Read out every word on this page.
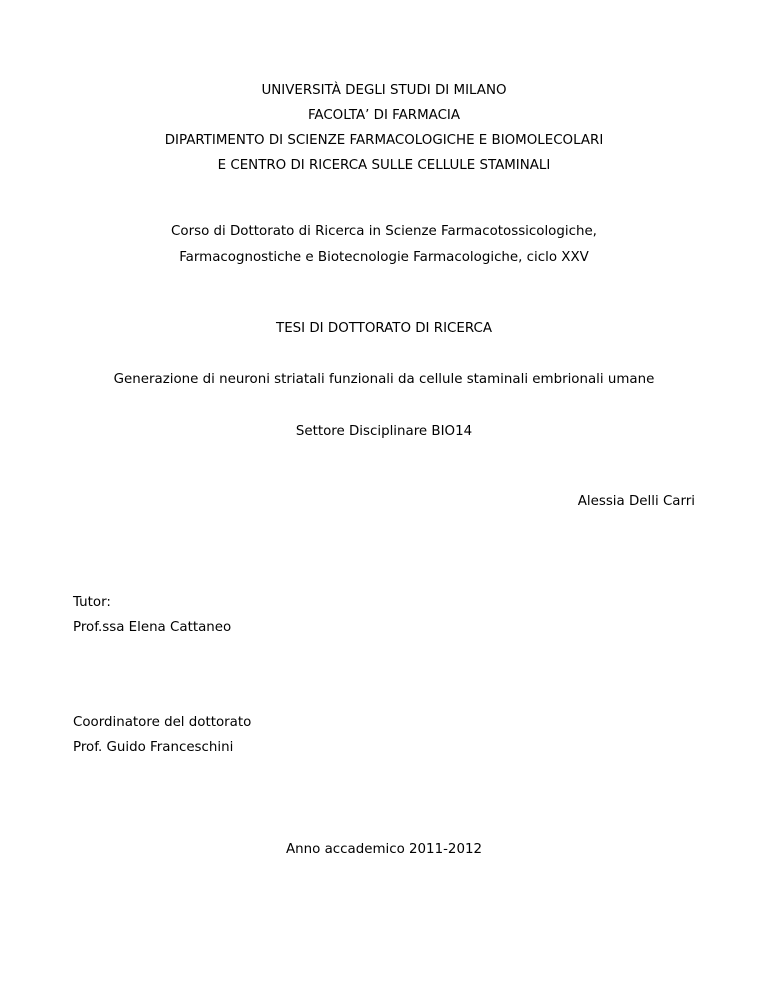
UNIVERSITÀ DEGLI STUDI DI MILANO
FACOLTA’ DI FARMACIA
DIPARTIMENTO DI SCIENZE FARMACOLOGICHE E BIOMOLECOLARI
E CENTRO DI RICERCA SULLE CELLULE STAMINALI
Corso di Dottorato di Ricerca in Scienze Farmacotossicologiche,
Farmacognostiche e Biotecnologie Farmacologiche, ciclo XXV
TESI DI DOTTORATO DI RICERCA
Generazione di neuroni striatali funzionali da cellule staminali embrionali umane
Settore Disciplinare BIO14
Alessia Delli Carri
Tutor:
Prof.ssa Elena Cattaneo
Coordinatore del dottorato
Prof. Guido Franceschini
Anno accademico 2011-2012
